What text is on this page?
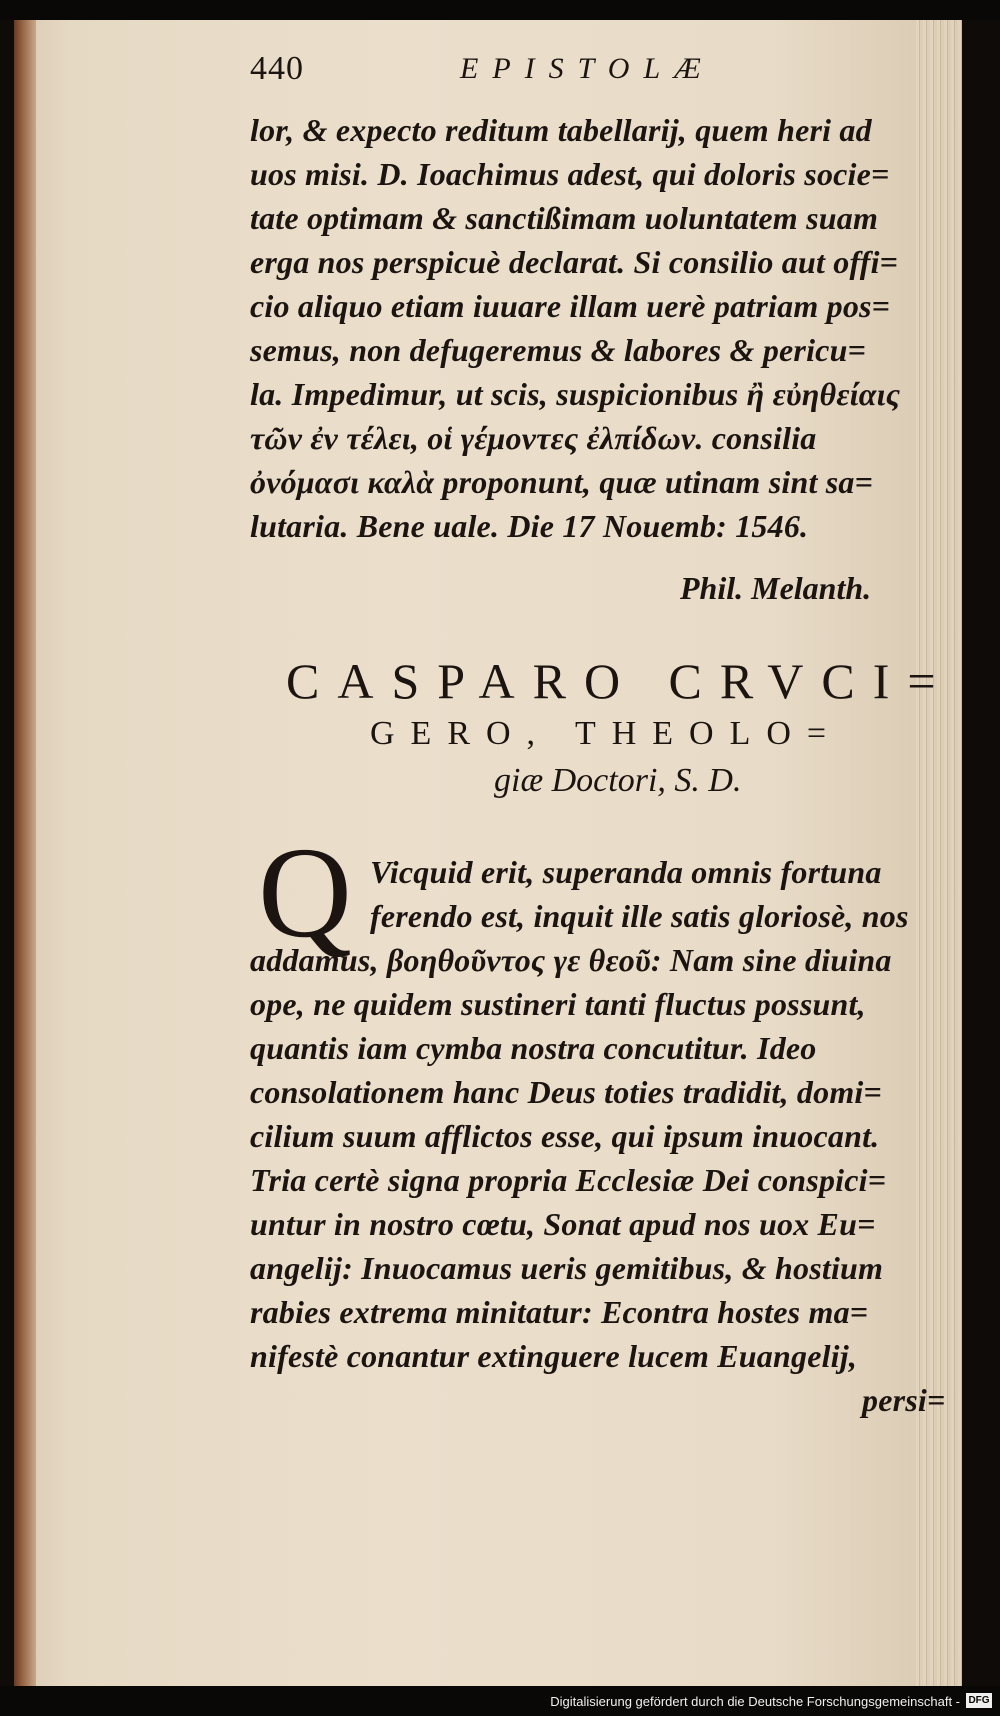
440	EPISTOLÆ
lor, & expecto reditum tabellarij, quem heri ad
uos misi. D. Ioachimus adest, qui doloris socie=
tate optimam & sanctißimam uoluntatem suam
erga nos perspicuè declarat. Si consilio aut offi=
cio aliquo etiam iuuare illam uerè patriam pos=
semus, non defugeremus & labores & pericu=
la. Impedimur, ut scis, suspicionibus ἢ εὐηθείαις
τῶν ἐν τέλει, οἱ γέμοντες ἐλπίδων. consilia
ὀνόμασι καλὰ proponunt, quæ utinam sint sa=
lutaria. Bene uale. Die 17 Nouemb: 1546.
Phil. Melanth.
CASPARO CRVCI=
GERO, THEOLO=
giæ Doctori, S. D.
Q Vicquid erit, superanda omnis fortuna
ferendo est, inquit ille satis gloriosè, nos
addamus, βοηθοῦντος γε θεοῦ: Nam sine diuina
ope, ne quidem sustineri tanti fluctus possunt,
quantis iam cymba nostra concutitur. Ideo
consolationem hanc Deus toties tradidit, domi=
cilium suum afflictos esse, qui ipsum inuocant.
Tria certè signa propria Ecclesiæ Dei conspici=
untur in nostro cœtu, Sonat apud nos uox Eu=
angelij: Inuocamus ueris gemitibus, & hostium
rabies extrema minitatur: Econtra hostes ma=
nifestè conantur extinguere lucem Euangelij,
persi=
Digitalisierung gefördert durch die Deutsche Forschungsgemeinschaft - DFG
